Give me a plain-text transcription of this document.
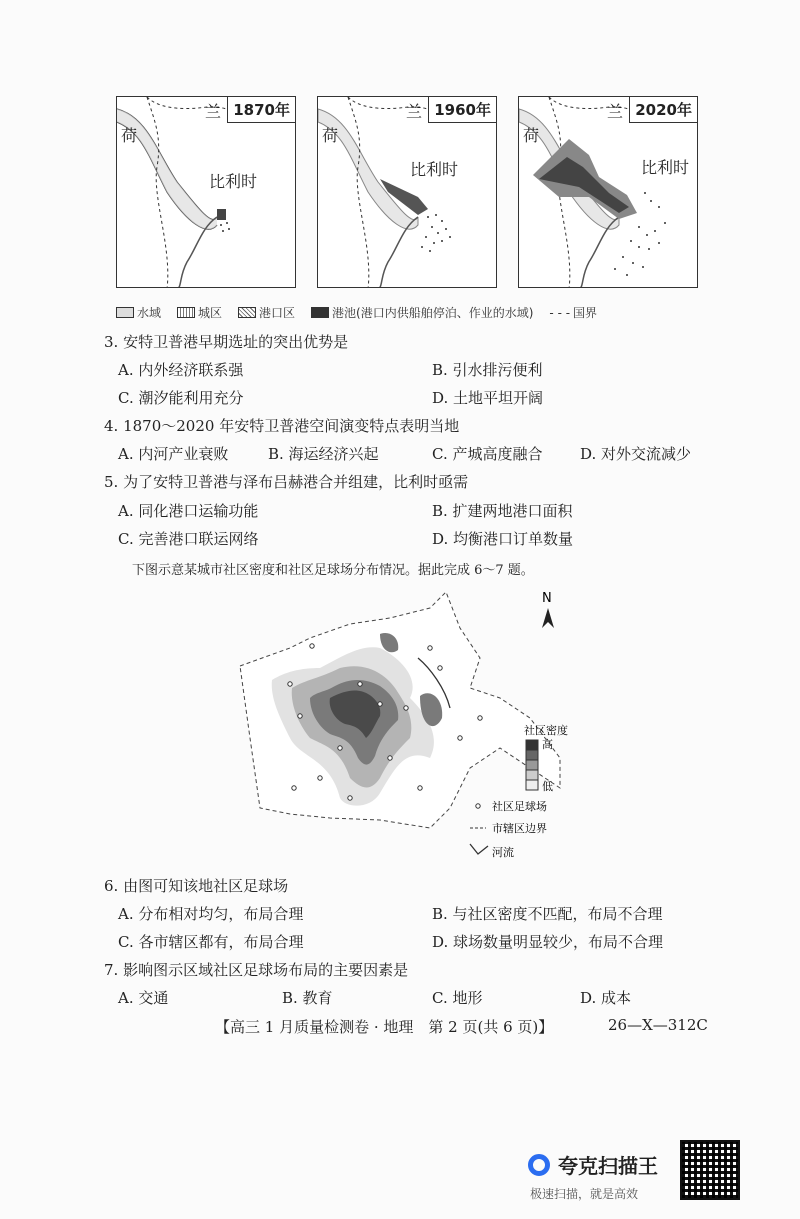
1870年
荷
兰
比利时
1960年
荷
兰
比利时
2020年
荷
兰
比利时
水域	城区	港口区	港池(港口内供船舶停泊、作业的水域) - - - 国界
3. 安特卫普港早期选址的突出优势是
A. 内外经济联系强	B. 引水排污便利
C. 潮汐能利用充分	D. 土地平坦开阔
4. 1870～2020 年安特卫普港空间演变特点表明当地
A. 内河产业衰败	B. 海运经济兴起	C. 产城高度融合	D. 对外交流减少
5. 为了安特卫普港与泽布吕赫港合并组建，比利时亟需
A. 同化港口运输功能	B. 扩建两地港口面积
C. 完善港口联运网络	D. 均衡港口订单数量
下图示意某城市社区密度和社区足球场分布情况。据此完成 6～7 题。
N
社区密度
高
低
社区足球场
市辖区边界
河流
6. 由图可知该地社区足球场
A. 分布相对均匀，布局合理	B. 与社区密度不匹配，布局不合理
C. 各市辖区都有，布局合理	D. 球场数量明显较少，布局不合理
7. 影响图示区域社区足球场布局的主要因素是
A. 交通	B. 教育	C. 地形	D. 成本
【高三 1 月质量检测卷 · 地理　第 2 页(共 6 页)】	26—X—312C
夸克扫描王
极速扫描，就是高效
